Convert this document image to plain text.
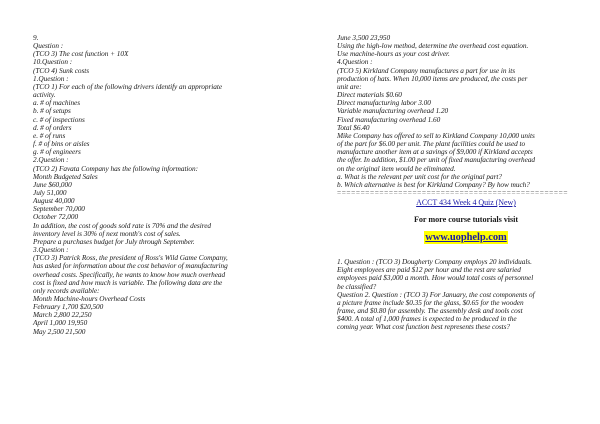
9.
Question :
(TCO 3) The cost function + 10X
10.Question :
(TCO 4) Sunk costs
1.Question :
(TCO 1) For each of the following drivers identify an appropriate
activity.
a. # of machines
b. # of setups
c. # of inspections
d. # of orders
e. # of runs
f. # of bins or aisles
g. # of engineers
2.Question :
(TCO 2) Favata Company has the following information:
Month Budgeted Sales
June $60,000
July 51,000
August 40,000
September 70,000
October 72,000
In addition, the cost of goods sold rate is 70% and the desired
inventory level is 30% of next month's cost of sales.
Prepare a purchases budget for July through September.
3.Question :
(TCO 3) Patrick Ross, the president of Ross's Wild Game Company,
has asked for information about the cost behavior of manufacturing
overhead costs. Specifically, he wants to know how much overhead
cost is fixed and how much is variable. The following data are the
only records available:
Month Machine-hours Overhead Costs
February 1,700 $20,500
March 2,800 22,250
April 1,000 19,950
May 2,500 21,500
June 3,500 23,950
Using the high-low method, determine the overhead cost equation.
Use machine-hours as your cost driver.
4.Question :
(TCO 5) Kirkland Company manufactures a part for use in its
production of hats. When 10,000 items are produced, the costs per
unit are:
Direct materials $0.60
Direct manufacturing labor 3.00
Variable manufacturing overhead 1.20
Fixed manufacturing overhead 1.60
Total $6.40
Mike Company has offered to sell to Kirkland Company 10,000 units
of the part for $6.00 per unit. The plant facilities could be used to
manufacture another item at a savings of $9,000 if Kirkland accepts
the offer. In addition, $1.00 per unit of fixed manufacturing overhead
on the original item would be eliminated.
a. What is the relevant per unit cost for the original part?
b. Which alternative is best for Kirkland Company? By how much?
=================================================
ACCT 434 Week 4 Quiz (New)
For more course tutorials visit
www.uophelp.com
1. Question : (TCO 3) Dougherty Company employs 20 individuals.
Eight employees are paid $12 per hour and the rest are salaried
employees paid $3,000 a month. How would total costs of personnel
be classified?
Question 2. Question : (TCO 3) For January, the cost components of
a picture frame include $0.35 for the glass, $0.65 for the wooden
frame, and $0.80 for assembly. The assembly desk and tools cost
$400. A total of 1,000 frames is expected to be produced in the
coming year. What cost function best represents these costs?
